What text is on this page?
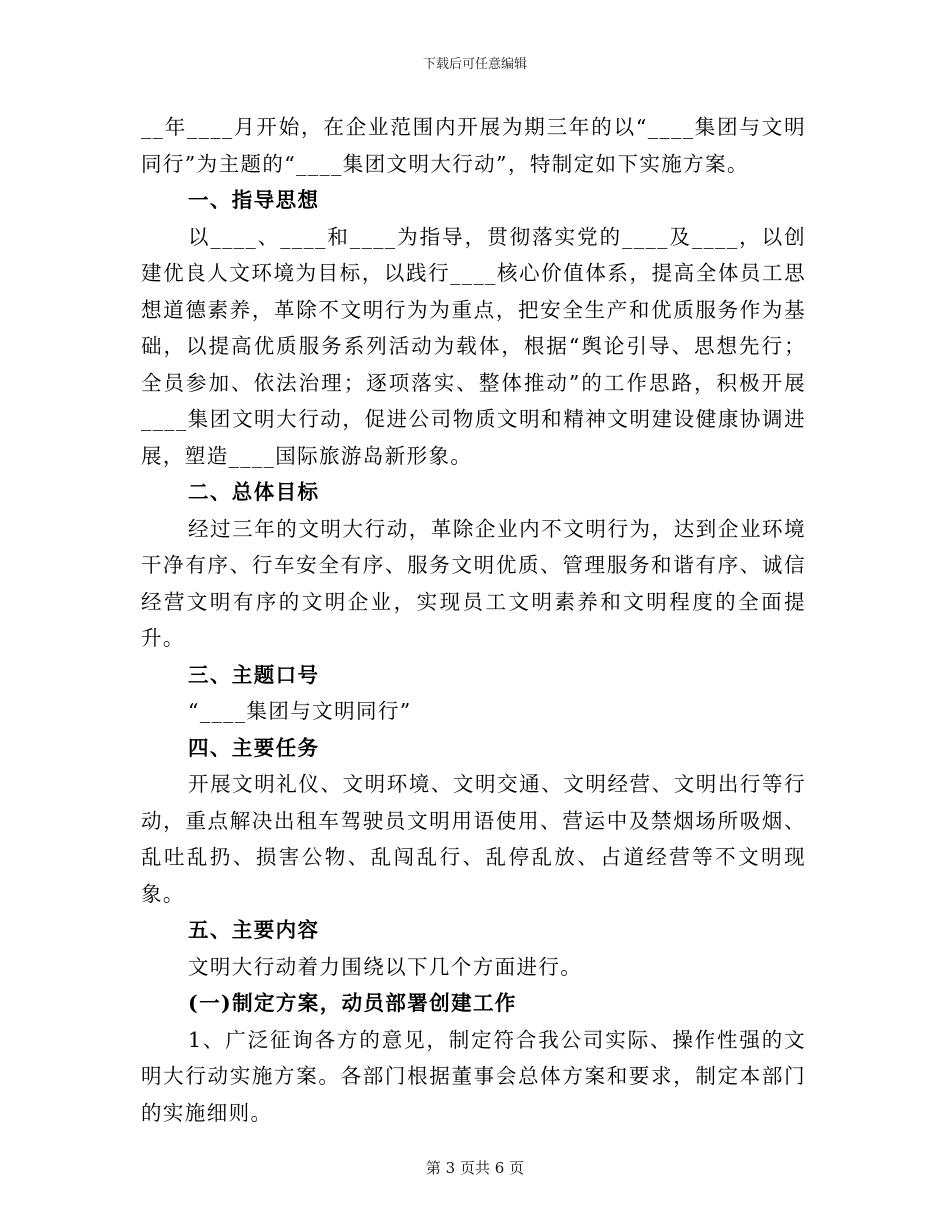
下载后可任意编辑

__年____月开始，在企业范围内开展为期三年的以“____集团与文明同行”为主题的“____集团文明大行动”，特制定如下实施方案。

一、指导思想

以____、____和____为指导，贯彻落实党的____及____，以创建优良人文环境为目标，以践行____核心价值体系，提高全体员工思想道德素养，革除不文明行为为重点，把安全生产和优质服务作为基础，以提高优质服务系列活动为载体，根据“舆论引导、思想先行；全员参加、依法治理；逐项落实、整体推动”的工作思路，积极开展____集团文明大行动，促进公司物质文明和精神文明建设健康协调进展，塑造____国际旅游岛新形象。

二、总体目标

经过三年的文明大行动，革除企业内不文明行为，达到企业环境干净有序、行车安全有序、服务文明优质、管理服务和谐有序、诚信经营文明有序的文明企业，实现员工文明素养和文明程度的全面提升。

三、主题口号

“____集团与文明同行”

四、主要任务

开展文明礼仪、文明环境、文明交通、文明经营、文明出行等行动，重点解决出租车驾驶员文明用语使用、营运中及禁烟场所吸烟、乱吐乱扔、损害公物、乱闯乱行、乱停乱放、占道经营等不文明现象。

五、主要内容

文明大行动着力围绕以下几个方面进行。

(一)制定方案，动员部署创建工作

1、广泛征询各方的意见，制定符合我公司实际、操作性强的文明大行动实施方案。各部门根据董事会总体方案和要求，制定本部门的实施细则。

第 3 页共 6 页
